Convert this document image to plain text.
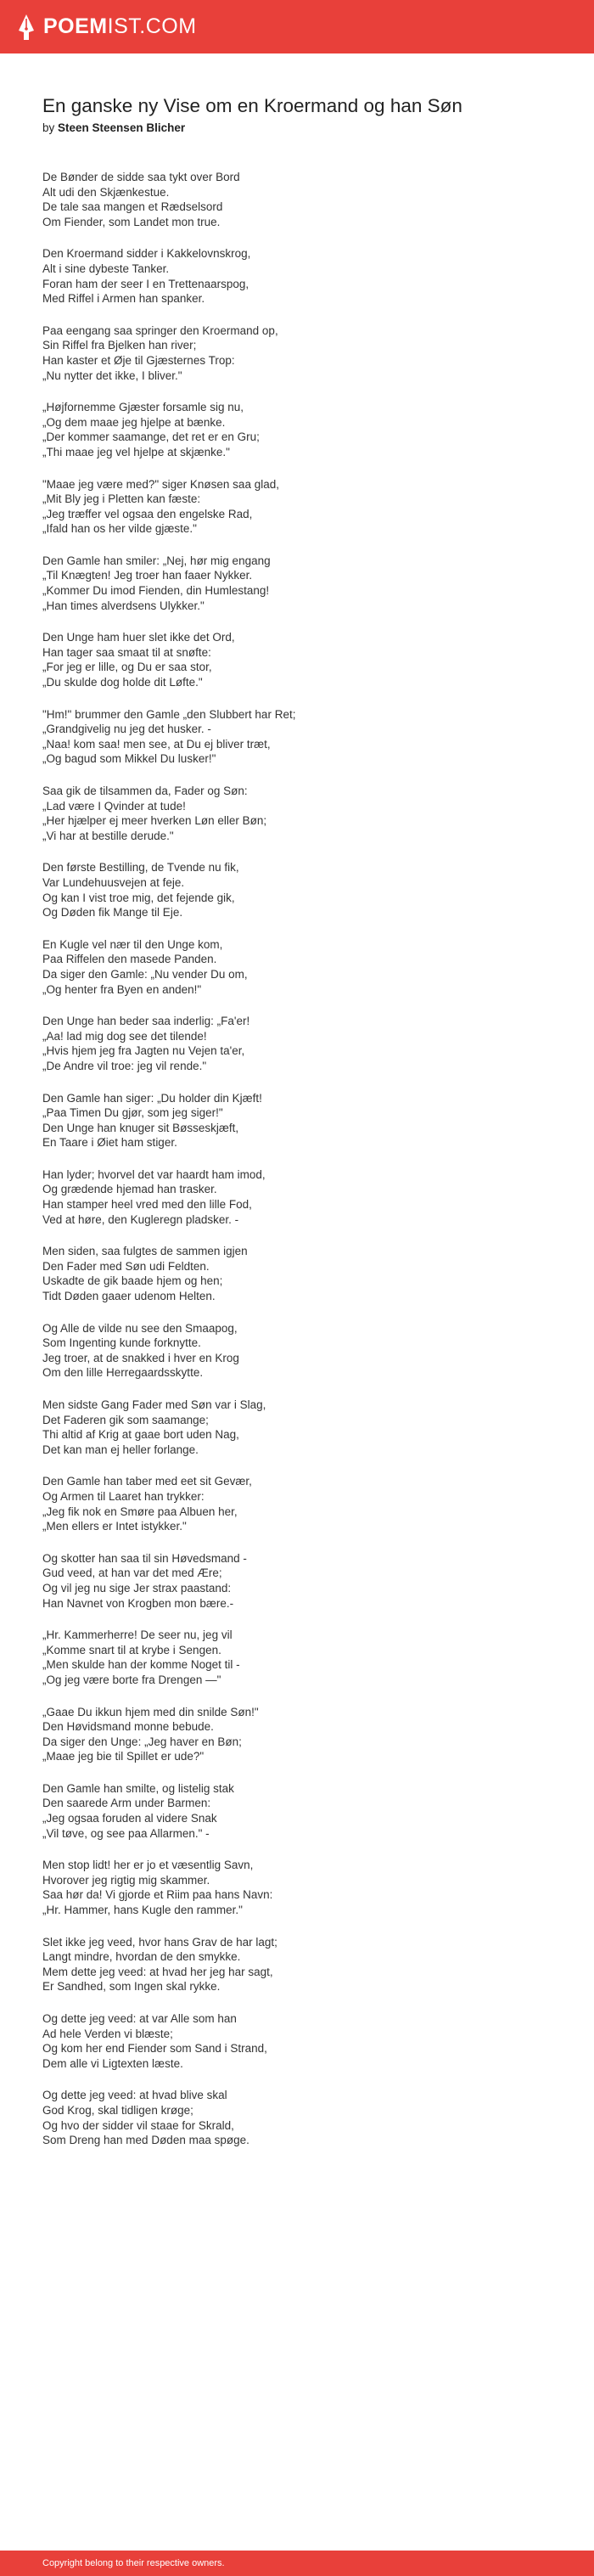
POEMIST.COM
En ganske ny Vise om en Kroermand og han Søn
by Steen Steensen Blicher
De Bønder de sidde saa tykt over Bord
Alt udi den Skjænkestue.
De tale saa mangen et Rædselsord
Om Fiender, som Landet mon true.
Den Kroermand sidder i Kakkelovnskrog,
Alt i sine dybeste Tanker.
Foran ham der seer I en Trettenaarspog,
Med Riffel i Armen han spanker.
Paa eengang saa springer den Kroermand op,
Sin Riffel fra Bjelken han river;
Han kaster et Øje til Gjæsternes Trop:
„Nu nytter det ikke, I bliver."
„Højfornemme Gjæster forsamle sig nu,
„Og dem maae jeg hjelpe at bænke.
„Der kommer saamange, det ret er en Gru;
„Thi maae jeg vel hjelpe at skjænke."
"Maae jeg være med?" siger Knøsen saa glad,
„Mit Bly jeg i Pletten kan fæste:
„Jeg træffer vel ogsaa den engelske Rad,
„Ifald han os her vilde gjæste."
Den Gamle han smiler: „Nej, hør mig engang
„Til Knægten! Jeg troer han faaer Nykker.
„Kommer Du imod Fienden, din Humlestang!
„Han times alverdsens Ulykker."
Den Unge ham huer slet ikke det Ord,
Han tager saa smaat til at snøfte:
„For jeg er lille, og Du er saa stor,
„Du skulde dog holde dit Løfte."
"Hm!" brummer den Gamle „den Slubbert har Ret;
„Grandgivelig nu jeg det husker. -
„Naa! kom saa! men see, at Du ej bliver træt,
„Og bagud som Mikkel Du lusker!"
Saa gik de tilsammen da, Fader og Søn:
„Lad være I Qvinder at tude!
„Her hjælper ej meer hverken Løn eller Bøn;
„Vi har at bestille derude."
Den første Bestilling, de Tvende nu fik,
Var Lundehuusvejen at feje.
Og kan I vist troe mig, det fejende gik,
Og Døden fik Mange til Eje.
En Kugle vel nær til den Unge kom,
Paa Riffelen den masede Panden.
Da siger den Gamle: „Nu vender Du om,
„Og henter fra Byen en anden!"
Den Unge han beder saa inderlig: „Fa'er!
„Aa! lad mig dog see det tilende!
„Hvis hjem jeg fra Jagten nu Vejen ta'er,
„De Andre vil troe: jeg vil rende."
Den Gamle han siger: „Du holder din Kjæft!
„Paa Timen Du gjør, som jeg siger!"
Den Unge han knuger sit Bøsseskjæft,
En Taare i Øiet ham stiger.
Han lyder; hvorvel det var haardt ham imod,
Og grædende hjemad han trasker.
Han stamper heel vred med den lille Fod,
Ved at høre, den Kugleregn pladsker. -
Men siden, saa fulgtes de sammen igjen
Den Fader med Søn udi Feldten.
Uskadte de gik baade hjem og hen;
Tidt Døden gaaer udenom Helten.
Og Alle de vilde nu see den Smaapog,
Som Ingenting kunde forknytte.
Jeg troer, at de snakked i hver en Krog
Om den lille Herregaardsskytte.
Men sidste Gang Fader med Søn var i Slag,
Det Faderen gik som saamange;
Thi altid af Krig at gaae bort uden Nag,
Det kan man ej heller forlange.
Den Gamle han taber med eet sit Gevær,
Og Armen til Laaret han trykker:
„Jeg fik nok en Smøre paa Albuen her,
„Men ellers er Intet istykker."
Og skotter han saa til sin Høvedsmand -
Gud veed, at han var det med Ære;
Og vil jeg nu sige Jer strax paastand:
Han Navnet von Krogben mon bære.-
„Hr. Kammerherre! De seer nu, jeg vil
„Komme snart til at krybe i Sengen.
„Men skulde han der komme Noget til -
„Og jeg være borte fra Drengen —"
„Gaae Du ikkun hjem med din snilde Søn!"
Den Høvidsmand monne bebude.
Da siger den Unge: „Jeg haver en Bøn;
„Maae jeg bie til Spillet er ude?"
Den Gamle han smilte, og listelig stak
Den saarede Arm under Barmen:
„Jeg ogsaa foruden al videre Snak
„Vil tøve, og see paa Allarmen." -
Men stop lidt! her er jo et væsentlig Savn,
Hvorover jeg rigtig mig skammer.
Saa hør da! Vi gjorde et Riim paa hans Navn:
„Hr. Hammer, hans Kugle den rammer."
Slet ikke jeg veed, hvor hans Grav de har lagt;
Langt mindre, hvordan de den smykke.
Mem dette jeg veed: at hvad her jeg har sagt,
Er Sandhed, som Ingen skal rykke.
Og dette jeg veed: at var Alle som han
Ad hele Verden vi blæste;
Og kom her end Fiender som Sand i Strand,
Dem alle vi Ligtexten læste.
Og dette jeg veed: at hvad blive skal
God Krog, skal tidligen krøge;
Og hvo der sidder vil staae for Skrald,
Som Dreng han med Døden maa spøge.
Copyright belong to their respective owners.
